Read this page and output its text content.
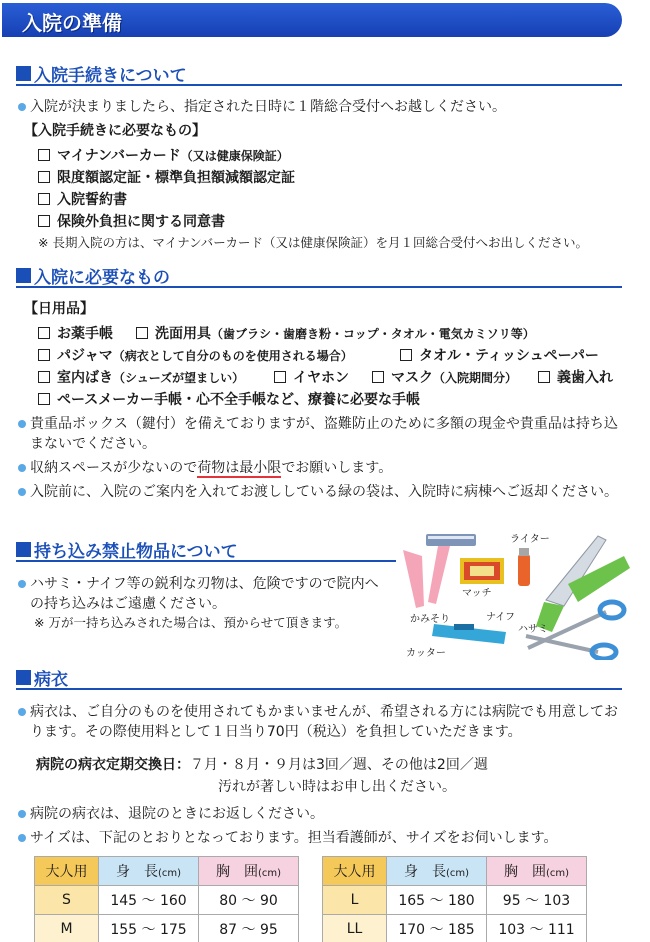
入院の準備
入院手続きについて
入院が決まりましたら、指定された日時に１階総合受付へお越しください。
【入院手続きに必要なもの】
マイナンバーカード（又は健康保険証）
限度額認定証・標準負担額減額認定証
入院誓約書
保険外負担に関する同意書
※ 長期入院の方は、マイナンバーカード（又は健康保険証）を月１回総合受付へお出しください。
入院に必要なもの
【日用品】
お薬手帳	洗面用具（歯ブラシ・歯磨き粉・コップ・タオル・電気カミソリ等）
パジャマ（病衣として自分のものを使用される場合）	タオル・ティッシュペーパー
室内ばき（シューズが望ましい）	イヤホン	マスク（入院期間分）	義歯入れ
ペースメーカー手帳・心不全手帳など、療養に必要な手帳
貴重品ボックス（鍵付）を備えておりますが、盗難防止のために多額の現金や貴重品は持ち込まないでください。
収納スペースが少ないので荷物は最小限でお願いします。
入院前に、入院のご案内を入れてお渡ししている緑の袋は、入院時に病棟へご返却ください。
持ち込み禁止物品について
ハサミ・ナイフ等の鋭利な刃物は、危険ですので院内への持ち込みはご遠慮ください。
※ 万が一持ち込みされた場合は、預からせて頂きます。	かみそり
マッチ
ライター
ナイフ
ハサミ
カッター
病衣
病衣は、ご自分のものを使用されてもかまいませんが、希望される方には病院でも用意しております。その際使用料として１日当り70円（税込）を負担していただきます。
病院の病衣定期交換日：７月・８月・９月は3回／週、その他は2回／週
汚れが著しい時はお申し出ください。
病院の病衣は、退院のときにお返しください。
サイズは、下記のとおりとなっております。担当看護師が、サイズをお伺いします。
大人用	身　長(cm)	胸　囲(cm)
S	145 〜 160	80 〜 90
M	155 〜 175	87 〜 95
大人用	身　長(cm)	胸　囲(cm)
L	165 〜 180	95 〜 103
LL	170 〜 185	103 〜 111
